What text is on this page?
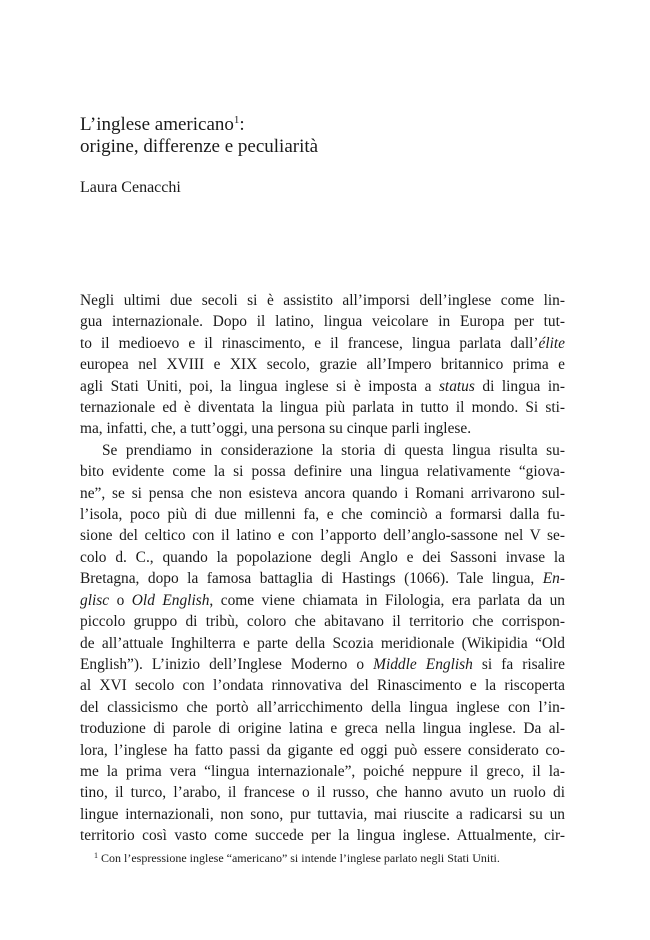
L’inglese americano$^1$:
origine, differenze e peculiarità

Laura Cenacchi

Negli ultimi due secoli si è assistito all’imporsi dell’inglese come lin-
gua internazionale. Dopo il latino, lingua veicolare in Europa per tut-
to il medioevo e il rinascimento, e il francese, lingua parlata dall’élite
europea nel XVIII e XIX secolo, grazie all’Impero britannico prima e
agli Stati Uniti, poi, la lingua inglese si è imposta a status di lingua in-
ternazionale ed è diventata la lingua più parlata in tutto il mondo. Si sti-
ma, infatti, che, a tutt’oggi, una persona su cinque parli inglese.

Se prendiamo in considerazione la storia di questa lingua risulta su-
bito evidente come la si possa definire una lingua relativamente “giova-
ne”, se si pensa che non esisteva ancora quando i Romani arrivarono sul-
l’isola, poco più di due millenni fa, e che cominciò a formarsi dalla fu-
sione del celtico con il latino e con l’apporto dell’anglo-sassone nel V se-
colo d. C., quando la popolazione degli Anglo e dei Sassoni invase la
Bretagna, dopo la famosa battaglia di Hastings (1066). Tale lingua, En-
glisc o Old English, come viene chiamata in Filologia, era parlata da un
piccolo gruppo di tribù, coloro che abitavano il territorio che corrispon-
de all’attuale Inghilterra e parte della Scozia meridionale (Wikipidia “Old
English”). L’inizio dell’Inglese Moderno o Middle English si fa risalire
al XVI secolo con l’ondata rinnovativa del Rinascimento e la riscoperta
del classicismo che portò all’arricchimento della lingua inglese con l’in-
troduzione di parole di origine latina e greca nella lingua inglese. Da al-
lora, l’inglese ha fatto passi da gigante ed oggi può essere considerato co-
me la prima vera “lingua internazionale”, poiché neppure il greco, il la-
tino, il turco, l’arabo, il francese o il russo, che hanno avuto un ruolo di
lingue internazionali, non sono, pur tuttavia, mai riuscite a radicarsi su un
territorio così vasto come succede per la lingua inglese. Attualmente, cir-

$^1$ Con l’espressione inglese “americano” si intende l’inglese parlato negli Stati Uniti.
